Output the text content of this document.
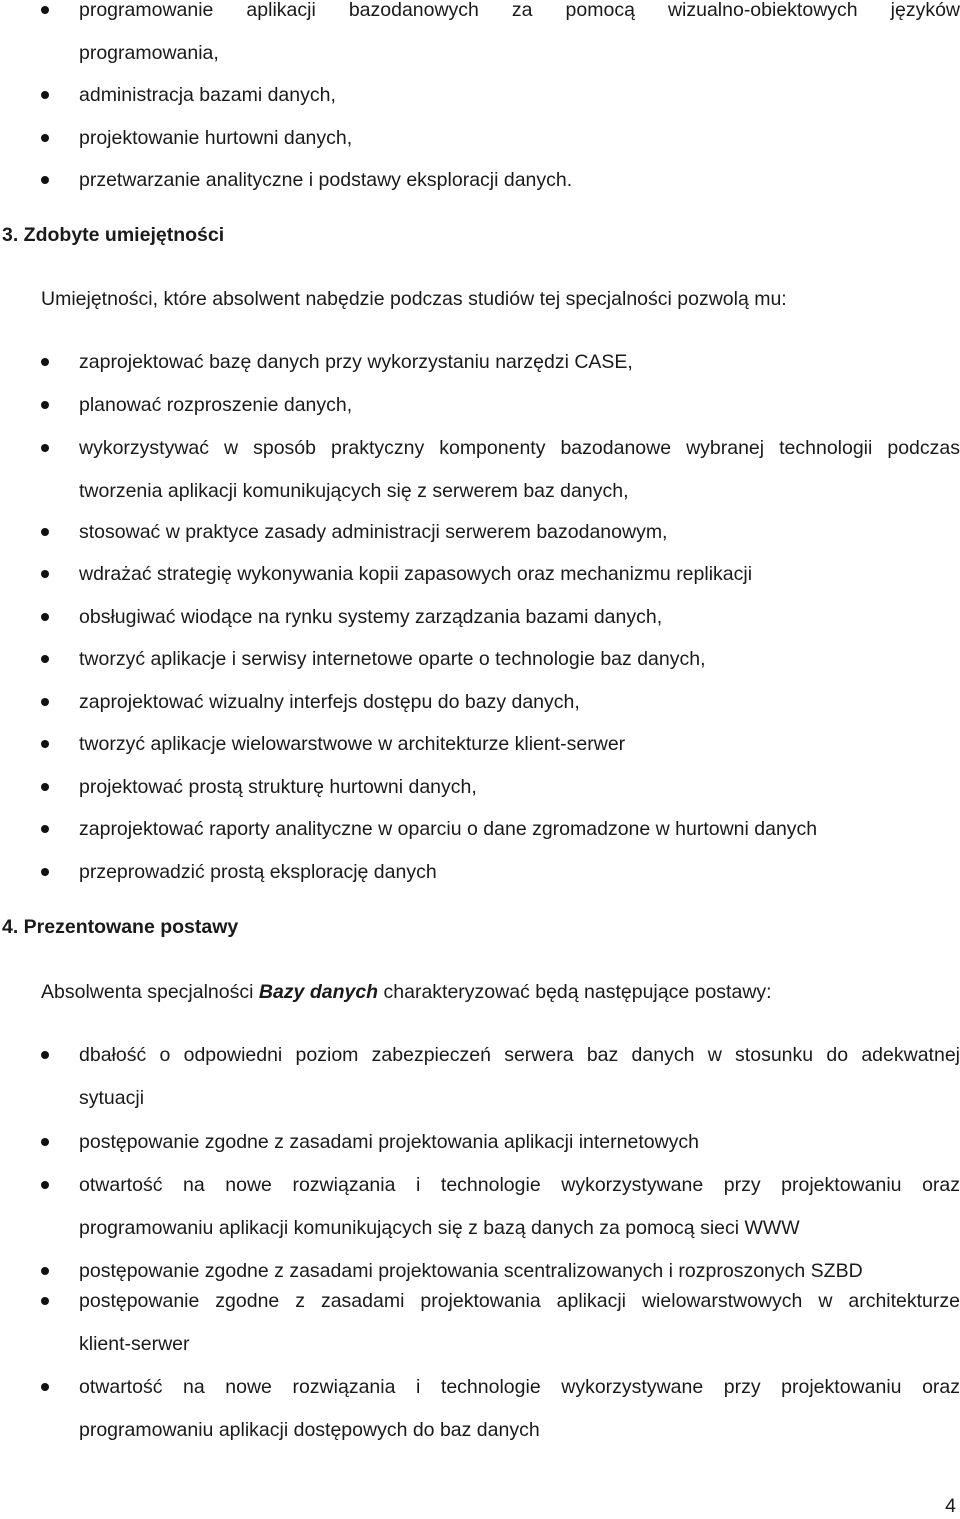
programowanie aplikacji bazodanowych za pomocą wizualno-obiektowych języków
programowania,
administracja bazami danych,
projektowanie hurtowni danych,
przetwarzanie analityczne i podstawy eksploracji danych.
3. Zdobyte umiejętności
Umiejętności, które absolwent nabędzie podczas studiów tej specjalności pozwolą mu:
zaprojektować bazę danych przy wykorzystaniu narzędzi CASE,
planować rozproszenie danych,
wykorzystywać w sposób praktyczny komponenty bazodanowe wybranej technologii podczas
tworzenia aplikacji komunikujących się z serwerem baz danych,
stosować w praktyce zasady administracji serwerem bazodanowym,
wdrażać strategię wykonywania kopii zapasowych oraz mechanizmu replikacji
obsługiwać wiodące na rynku systemy zarządzania bazami danych,
tworzyć aplikacje i serwisy internetowe oparte o technologie baz danych,
zaprojektować wizualny interfejs dostępu do bazy danych,
tworzyć aplikacje wielowarstwowe w architekturze klient-serwer
projektować prostą strukturę hurtowni danych,
zaprojektować raporty analityczne w oparciu o dane zgromadzone w hurtowni danych
przeprowadzić prostą eksplorację danych
4. Prezentowane postawy
Absolwenta specjalności Bazy danych charakteryzować będą następujące postawy:
dbałość o odpowiedni poziom zabezpieczeń serwera baz danych w stosunku do adekwatnej
sytuacji
postępowanie zgodne z zasadami projektowania aplikacji internetowych
otwartość na nowe rozwiązania i technologie wykorzystywane przy projektowaniu oraz
programowaniu aplikacji komunikujących się z bazą danych za pomocą sieci WWW
postępowanie zgodne z zasadami projektowania scentralizowanych i rozproszonych SZBD
postępowanie zgodne z zasadami projektowania aplikacji wielowarstwowych w architekturze
klient-serwer
otwartość na nowe rozwiązania i technologie wykorzystywane przy projektowaniu oraz
programowaniu aplikacji dostępowych do baz danych
4
